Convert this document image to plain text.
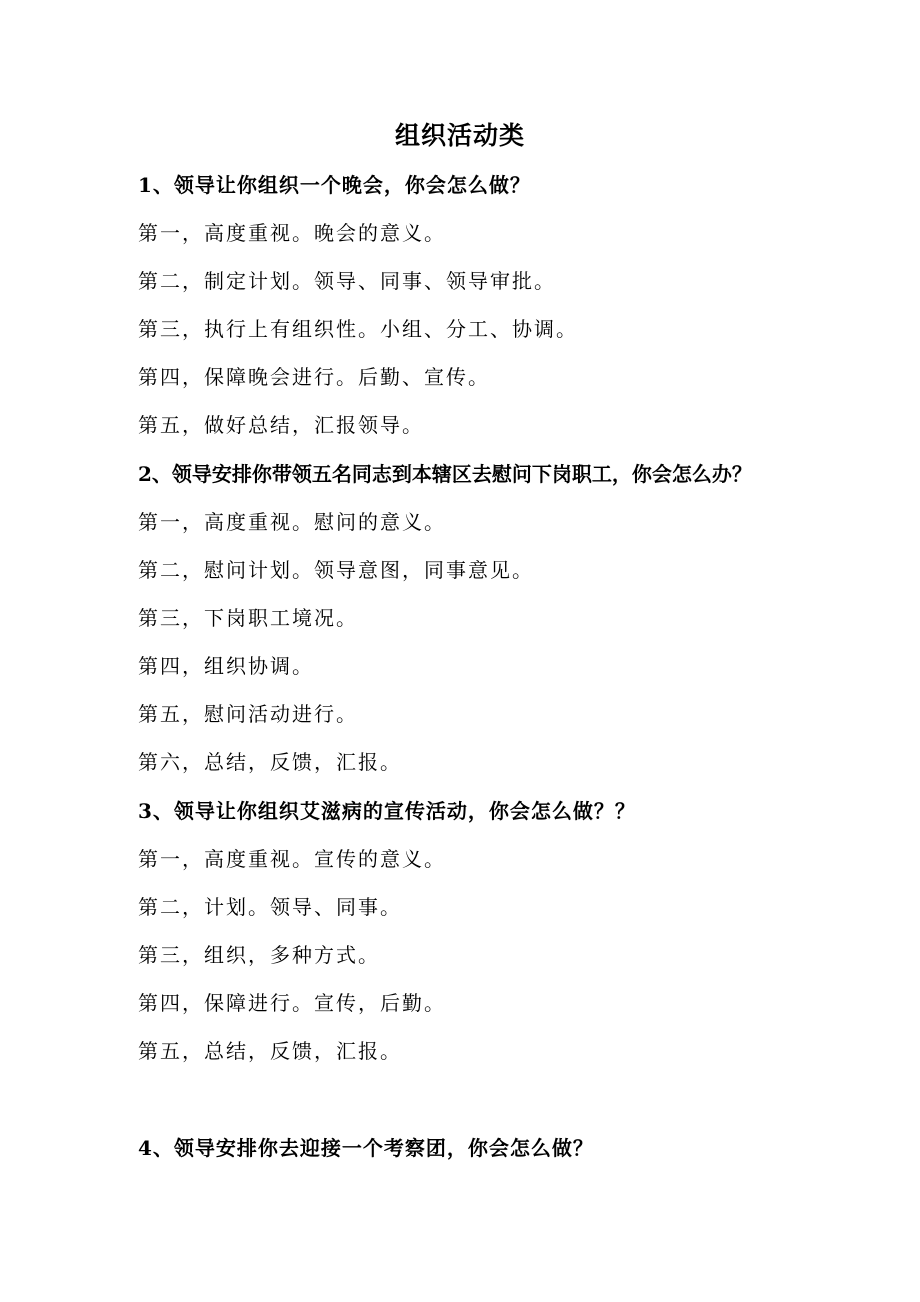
组织活动类
1、领导让你组织一个晚会，你会怎么做？
第一，高度重视。晚会的意义。
第二，制定计划。领导、同事、领导审批。
第三，执行上有组织性。小组、分工、协调。
第四，保障晚会进行。后勤、宣传。
第五，做好总结，汇报领导。
2、领导安排你带领五名同志到本辖区去慰问下岗职工，你会怎么办？
第一，高度重视。慰问的意义。
第二，慰问计划。领导意图，同事意见。
第三，下岗职工境况。
第四，组织协调。
第五，慰问活动进行。
第六，总结，反馈，汇报。
3、领导让你组织艾滋病的宣传活动，你会怎么做？？
第一，高度重视。宣传的意义。
第二，计划。领导、同事。
第三，组织，多种方式。
第四，保障进行。宣传，后勤。
第五，总结，反馈，汇报。
4、领导安排你去迎接一个考察团，你会怎么做？
